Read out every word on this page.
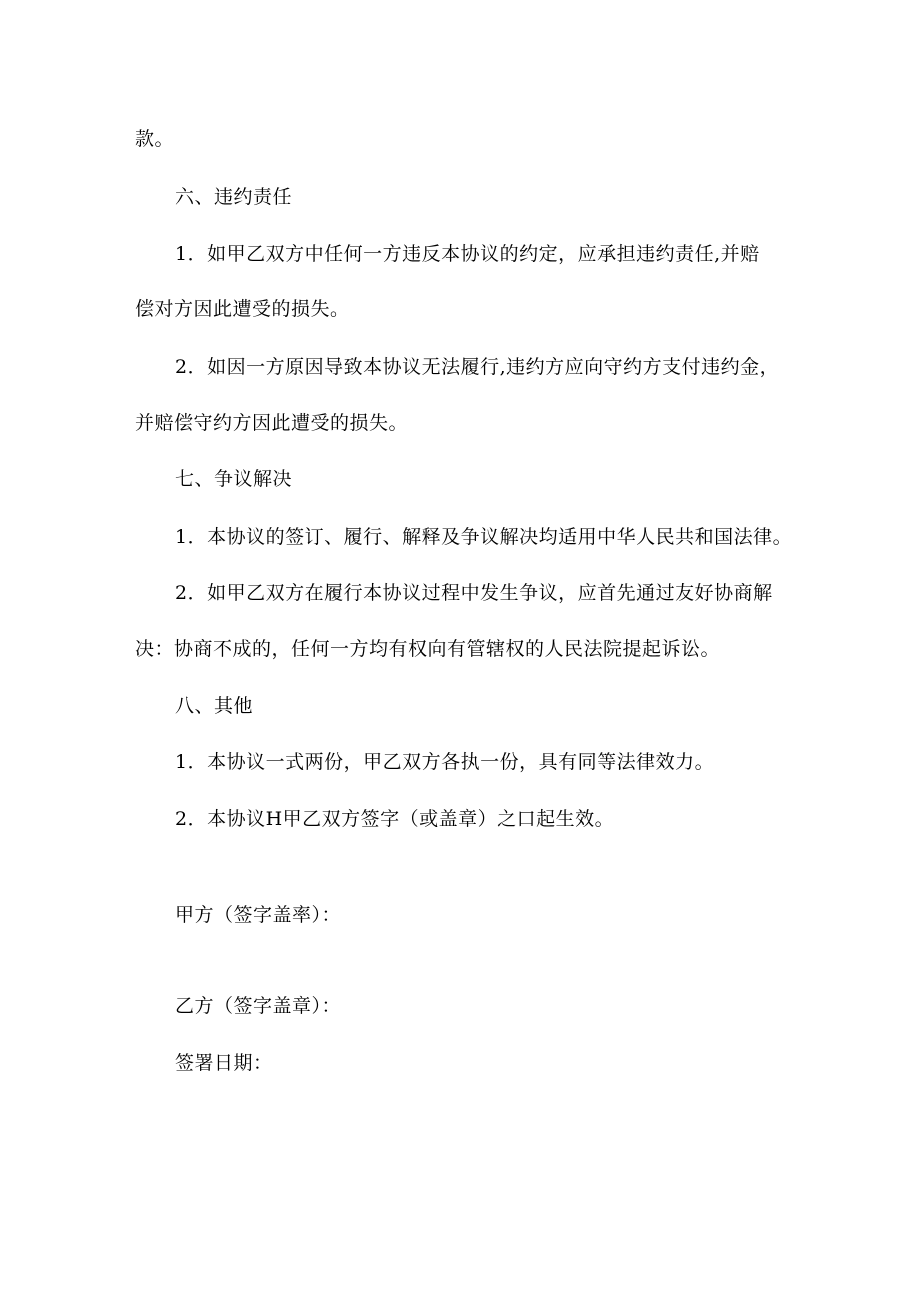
款。
六、违约责任
1．如甲乙双方中任何一方违反本协议的约定，应承担违约责任,并赔
偿对方因此遭受的损失。
2．如因一方原因导致本协议无法履行,违约方应向守约方支付违约金，
并赔偿守约方因此遭受的损失。
七、争议解决
1．本协议的签订、履行、解释及争议解决均适用中华人民共和国法律。
2．如甲乙双方在履行本协议过程中发生争议，应首先通过友好协商解
决：协商不成的，任何一方均有权向有管辖权的人民法院提起诉讼。
八、其他
1．本协议一式两份，甲乙双方各执一份，具有同等法律效力。
2．本协议H甲乙双方签字（或盖章）之口起生效。
甲方（签字盖率）：
乙方（签字盖章）：
签署日期：
